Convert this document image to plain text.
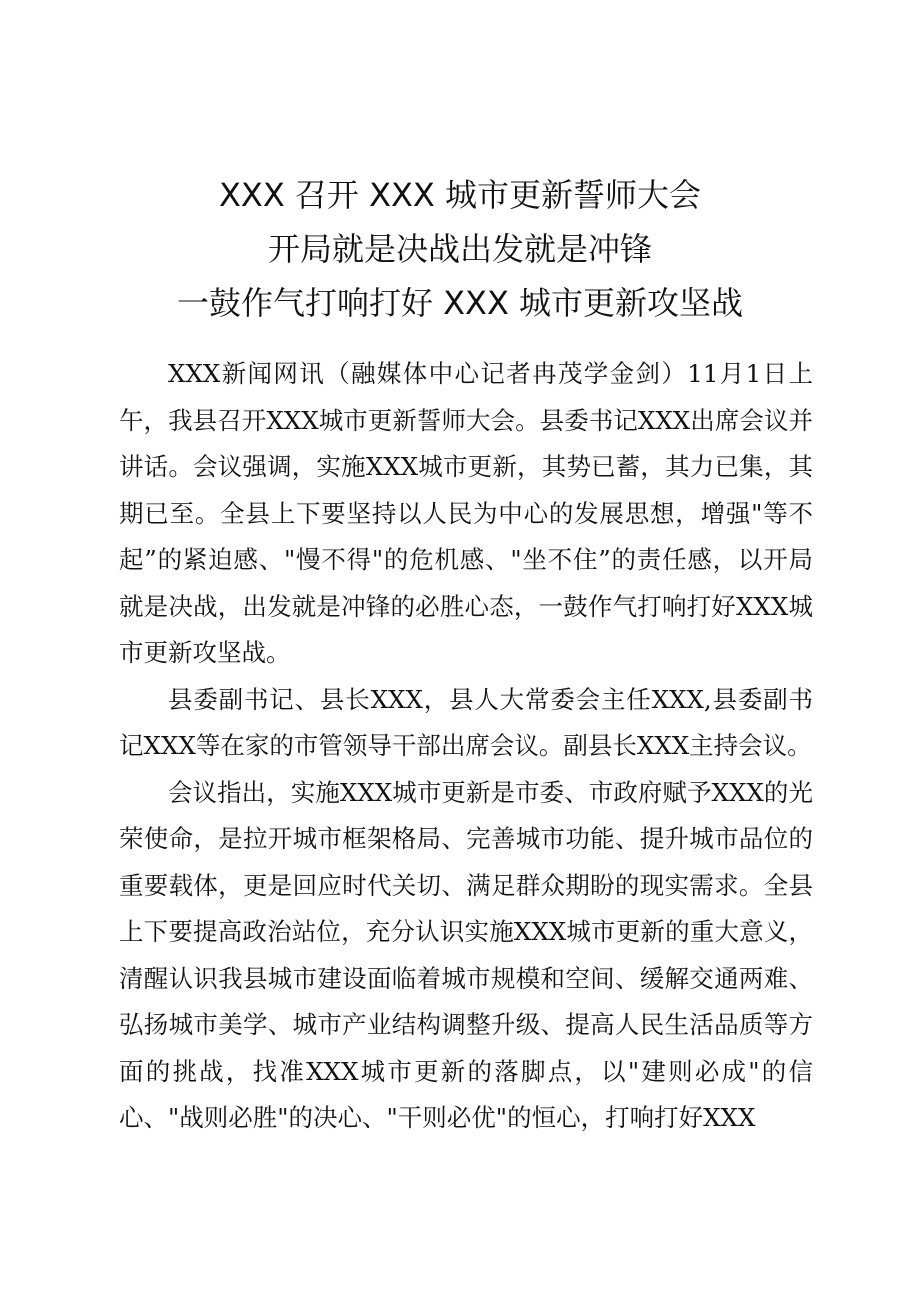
XXX 召开 XXX 城市更新誓师大会
开局就是决战出发就是冲锋
一鼓作气打响打好 XXX 城市更新攻坚战

XXX新闻网讯（融媒体中心记者冉茂学金剑）11月1日上午，我县召开XXX城市更新誓师大会。县委书记XXX出席会议并讲话。会议强调，实施XXX城市更新，其势已蓄，其力已集，其期已至。全县上下要坚持以人民为中心的发展思想，增强"等不起”的紧迫感、"慢不得"的危机感、"坐不住”的责任感，以开局就是决战，出发就是冲锋的必胜心态，一鼓作气打响打好XXX城市更新攻坚战。

县委副书记、县长XXX，县人大常委会主任XXX,县委副书记XXX等在家的市管领导干部出席会议。副县长XXX主持会议。

会议指出，实施XXX城市更新是市委、市政府赋予XXX的光荣使命，是拉开城市框架格局、完善城市功能、提升城市品位的重要载体，更是回应时代关切、满足群众期盼的现实需求。全县上下要提高政治站位，充分认识实施XXX城市更新的重大意义，清醒认识我县城市建设面临着城市规模和空间、缓解交通两难、弘扬城市美学、城市产业结构调整升级、提高人民生活品质等方面的挑战，找准XXX城市更新的落脚点，以"建则必成"的信心、"战则必胜"的决心、"干则必优"的恒心，打响打好XXX
